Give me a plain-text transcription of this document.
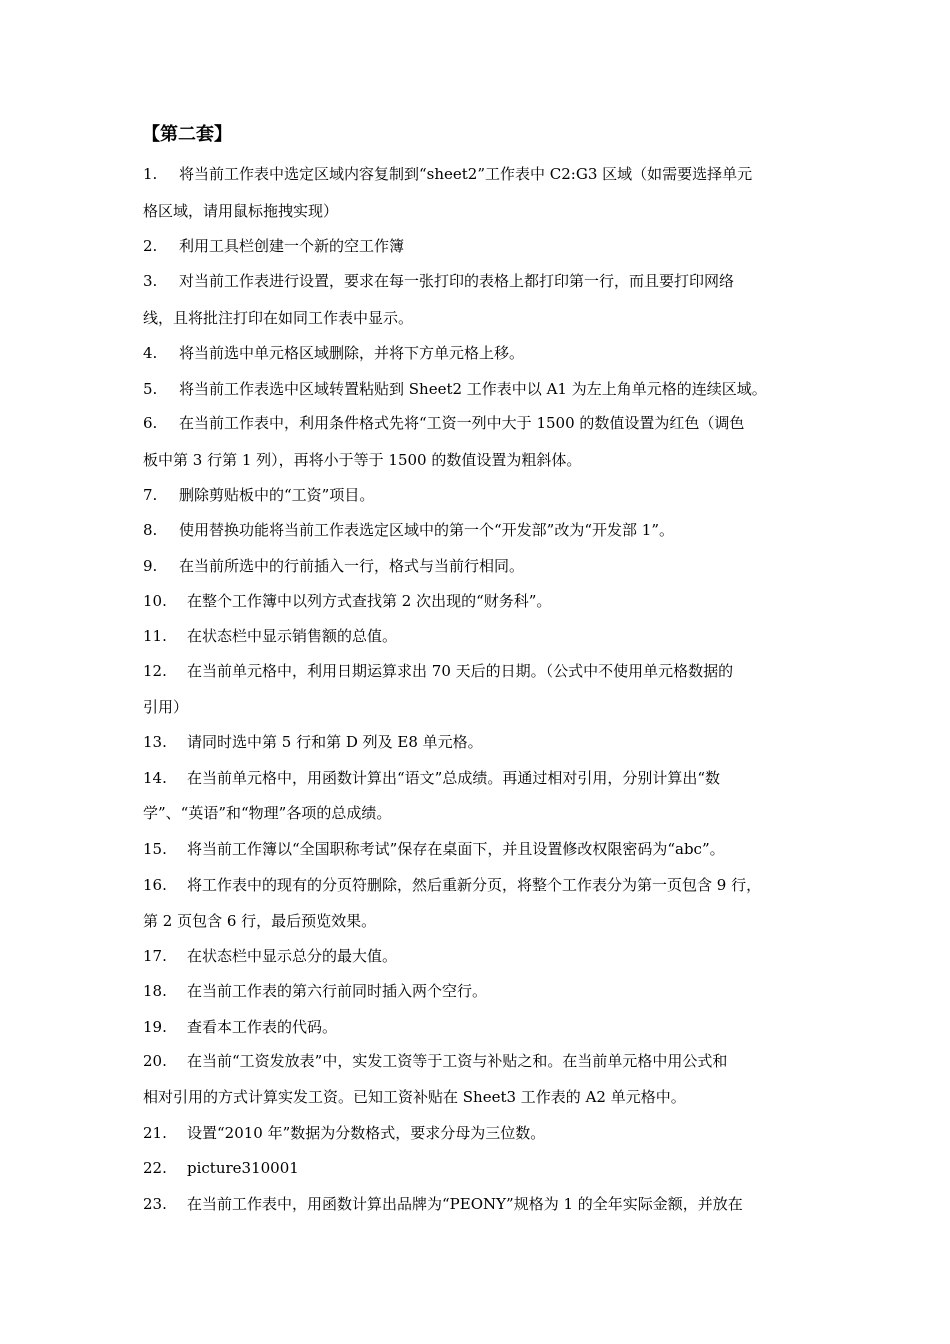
【第二套】
1. 将当前工作表中选定区域内容复制到“sheet2”工作表中 C2:G3 区域（如需要选择单元
格区域，请用鼠标拖拽实现）
2. 利用工具栏创建一个新的空工作簿
3. 对当前工作表进行设置，要求在每一张打印的表格上都打印第一行，而且要打印网络
线，且将批注打印在如同工作表中显示。
4. 将当前选中单元格区域删除，并将下方单元格上移。
5. 将当前工作表选中区域转置粘贴到 Sheet2 工作表中以 A1 为左上角单元格的连续区域。
6. 在当前工作表中，利用条件格式先将“工资一列中大于 1500 的数值设置为红色（调色
板中第 3 行第 1 列），再将小于等于 1500 的数值设置为粗斜体。
7. 删除剪贴板中的“工资”项目。
8. 使用替换功能将当前工作表选定区域中的第一个“开发部”改为“开发部 1”。
9. 在当前所选中的行前插入一行，格式与当前行相同。
10. 在整个工作簿中以列方式查找第 2 次出现的“财务科”。
11. 在状态栏中显示销售额的总值。
12. 在当前单元格中，利用日期运算求出 70 天后的日期。（公式中不使用单元格数据的
引用）
13. 请同时选中第 5 行和第 D 列及 E8 单元格。
14. 在当前单元格中，用函数计算出“语文”总成绩。再通过相对引用，分别计算出“数
学”、“英语”和“物理”各项的总成绩。
15. 将当前工作簿以“全国职称考试”保存在桌面下，并且设置修改权限密码为“abc”。
16. 将工作表中的现有的分页符删除，然后重新分页，将整个工作表分为第一页包含 9 行，
第 2 页包含 6 行，最后预览效果。
17. 在状态栏中显示总分的最大值。
18. 在当前工作表的第六行前同时插入两个空行。
19. 查看本工作表的代码。
20. 在当前“工资发放表”中，实发工资等于工资与补贴之和。在当前单元格中用公式和
相对引用的方式计算实发工资。已知工资补贴在 Sheet3 工作表的 A2 单元格中。
21. 设置“2010 年”数据为分数格式，要求分母为三位数。
22. picture310001
23. 在当前工作表中，用函数计算出品牌为“PEONY”规格为 1 的全年实际金额，并放在
